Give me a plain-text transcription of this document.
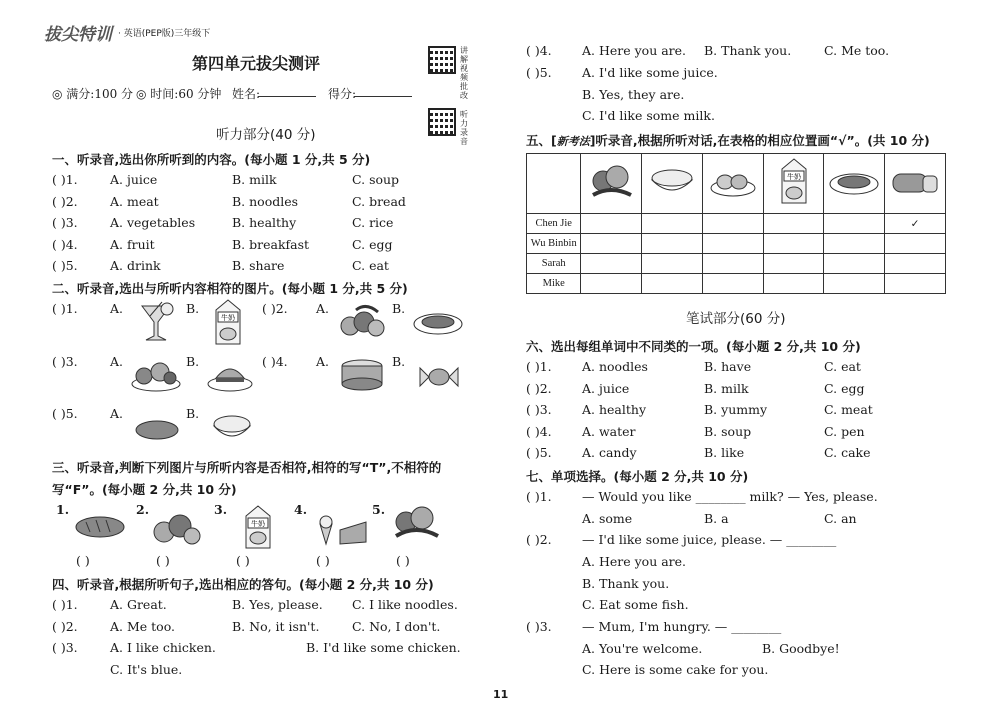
拔尖特训 · 英语(PEP版)三年级下
第四单元拔尖测评
讲解视频批改
◎ 满分:100 分 ◎ 时间:60 分钟 姓名:	得分:
听力录音
听力部分(40 分)
一、听录音,选出你所听到的内容。(每小题 1 分,共 5 分)
( )1.	A. juice	B. milk	C. soup
( )2.	A. meat	B. noodles	C. bread
( )3.	A. vegetables	B. healthy	C. rice
( )4.	A. fruit	B. breakfast	C. egg
( )5.	A. drink	B. share	C. eat
二、听录音,选出与所听内容相符的图片。(每小题 1 分,共 5 分)
( )1.	A.	B.	( )2. A.	B.
( )3.	A.	B.	( )4. A.	B.
( )5.	A.	B.
牛奶
三、听录音,判断下列图片与所听内容是否相符,相符的写“T”,不相符的
写“F”。(每小题 2 分,共 10 分)
1.	2.	3.	4.	5.
牛奶
( )	( )	( )	( )	( )
四、听录音,根据所听句子,选出相应的答句。(每小题 2 分,共 10 分)
( )1.	A. Great.	B. Yes, please. C. I like noodles.
( )2.	A. Me too.	B. No, it isn't.	C. No, I don't.
( )3.	A. I like chicken.	B. I'd like some chicken.
C. It's blue.
( )4. A. Here you are. B. Thank you.	C. Me too.
( )5. A. I'd like some juice.
B. Yes, they are.
C. I'd like some milk.
五、[新考法]听录音,根据所听对话,在表格的相应位置画“√”。(共 10 分)

牛奶

Chen Jie						✓
Wu Binbin						
Sarah						
Mike						
笔试部分(60 分)
六、选出每组单词中不同类的一项。(每小题 2 分,共 10 分)
( )1. A. noodles	B. have	C. eat
( )2. A. juice	B. milk	C. egg
( )3. A. healthy	B. yummy	C. meat
( )4. A. water	B. soup	C. pen
( )5. A. candy	B. like	C. cake
七、单项选择。(每小题 2 分,共 10 分)
( )1. — Would you like ________ milk? — Yes, please.
A. some	B. a	C. an
( )2. — I'd like some juice, please. — ________
A. Here you are.
B. Thank you.
C. Eat some fish.
( )3. — Mum, I'm hungry. — ________
A. You're welcome.	B. Goodbye!
C. Here is some cake for you.
11
